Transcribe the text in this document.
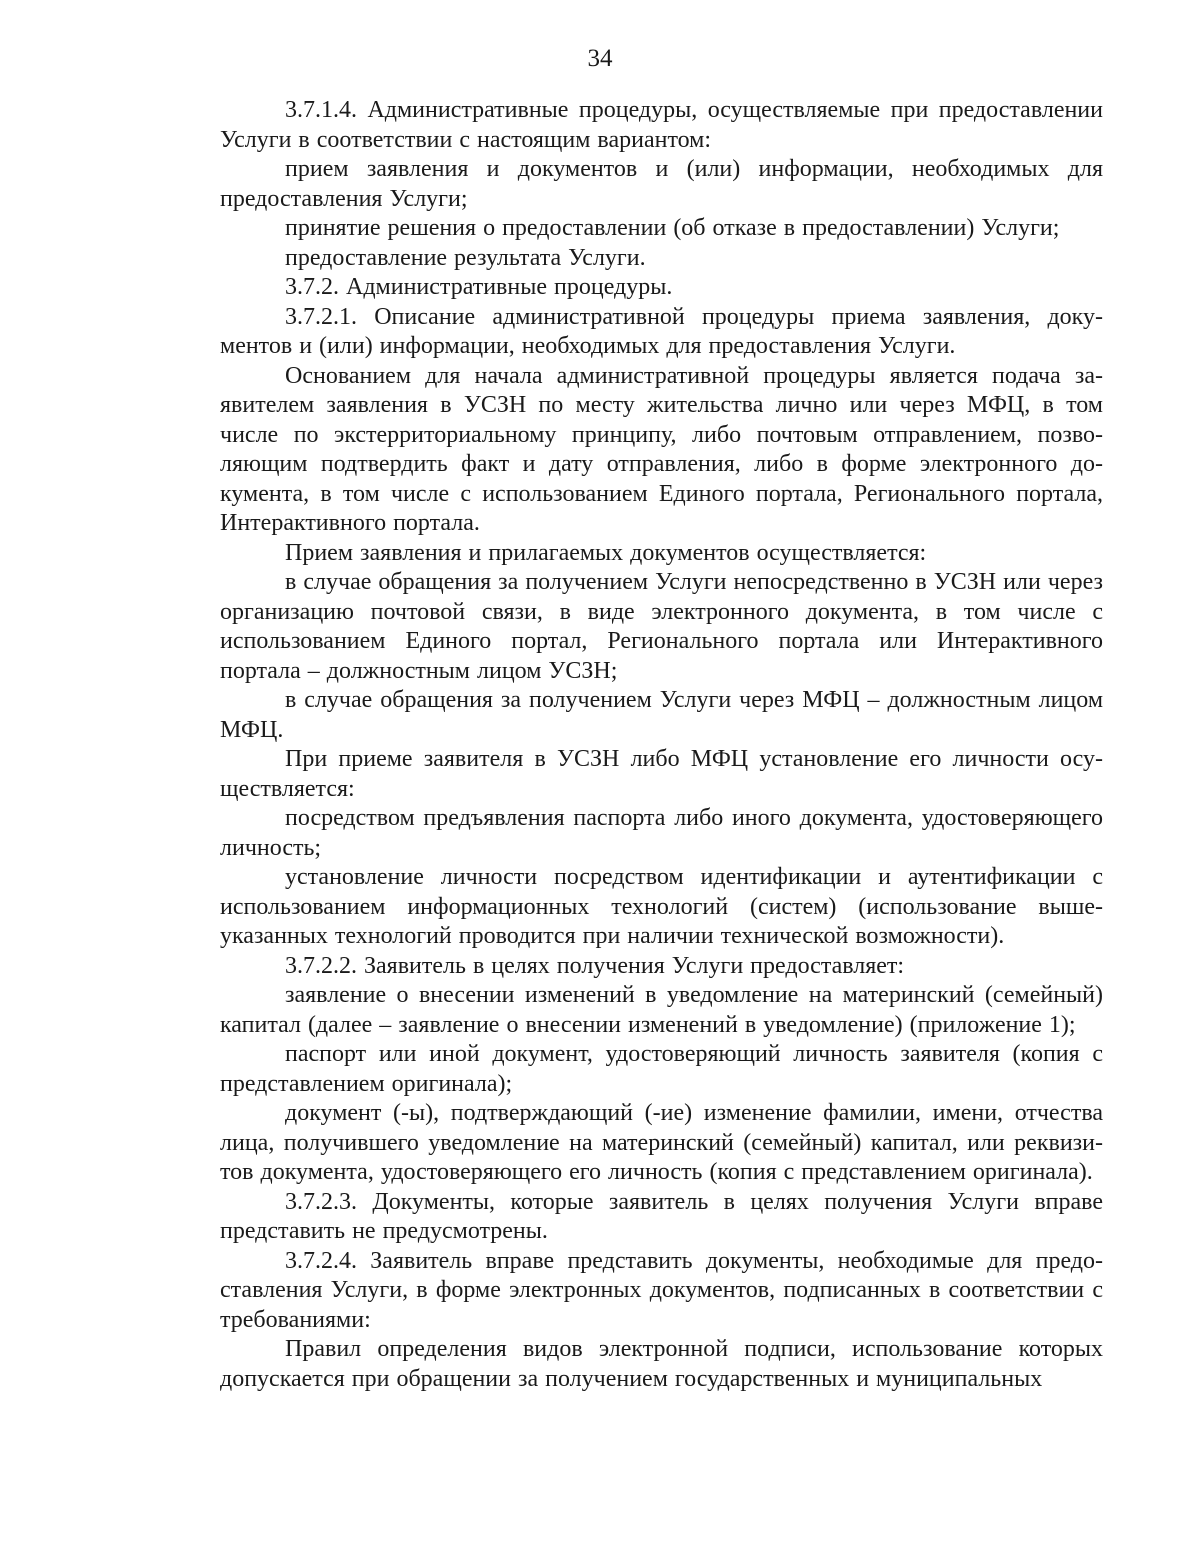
34

3.7.1.4. Административные процедуры, осуществляемые при предоставлении Услуги в соответствии с настоящим вариантом:

прием заявления и документов и (или) информации, необходимых для предоставления Услуги;

принятие решения о предоставлении (об отказе в предоставлении) Услуги;

предоставление результата Услуги.

3.7.2. Административные процедуры.

3.7.2.1. Описание административной процедуры приема заявления, документов и (или) информации, необходимых для предоставления Услуги.

Основанием для начала административной процедуры является подача заявителем заявления в УСЗН по месту жительства лично или через МФЦ, в том числе по экстерриториальному принципу, либо почтовым отправлением, позволяющим подтвердить факт и дату отправления, либо в форме электронного документа, в том числе с использованием Единого портала, Регионального портала, Интерактивного портала.

Прием заявления и прилагаемых документов осуществляется:

в случае обращения за получением Услуги непосредственно в УСЗН или через организацию почтовой связи, в виде электронного документа, в том числе с использованием Единого портал, Регионального портала или Интерактивного портала – должностным лицом УСЗН;

в случае обращения за получением Услуги через МФЦ – должностным лицом МФЦ.

При приеме заявителя в УСЗН либо МФЦ установление его личности осуществляется:

посредством предъявления паспорта либо иного документа, удостоверяющего личность;

установление личности посредством идентификации и аутентификации с использованием информационных технологий (систем) (использование вышеуказанных технологий проводится при наличии технической возможности).

3.7.2.2. Заявитель в целях получения Услуги предоставляет:

заявление о внесении изменений в уведомление на материнский (семейный) капитал (далее – заявление о внесении изменений в уведомление) (приложение 1);

паспорт или иной документ, удостоверяющий личность заявителя (копия с представлением оригинала);

документ (-ы), подтверждающий (-ие) изменение фамилии, имени, отчества лица, получившего уведомление на материнский (семейный) капитал, или реквизитов документа, удостоверяющего его личность (копия с представлением оригинала).

3.7.2.3. Документы, которые заявитель в целях получения Услуги вправе представить не предусмотрены.

3.7.2.4. Заявитель вправе представить документы, необходимые для предоставления Услуги, в форме электронных документов, подписанных в соответствии с требованиями:

Правил определения видов электронной подписи, использование которых допускается при обращении за получением государственных и муниципальных
